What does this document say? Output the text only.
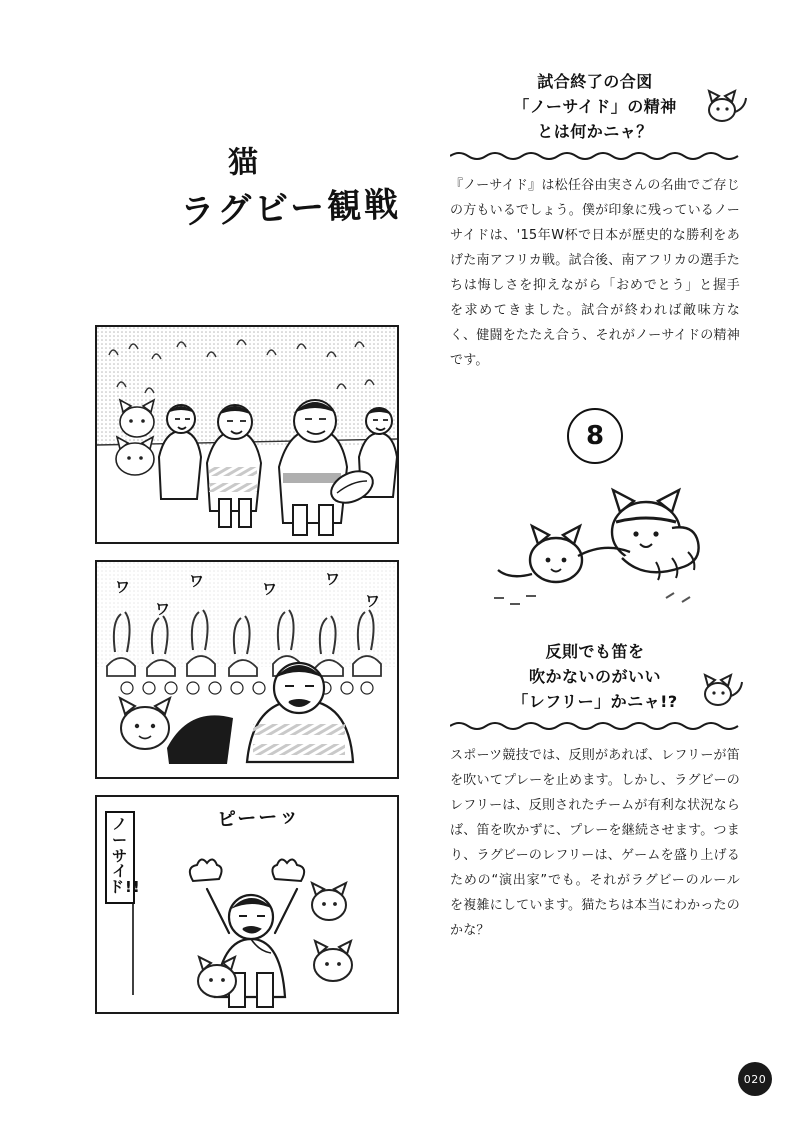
猫
ラグビー観戦
ワ	ワ	ワ
ワ
ワ
ワ
ノーサイド!!
ピーーッ
試合終了の合図
「ノーサイド」の精神
とは何かニャ？

『ノーサイド』は松任谷由実さんの名曲でご存じの方もいるでしょう。僕が印象に残っているノーサイドは、'15年W杯で日本が歴史的な勝利をあげた南アフリカ戦。試合後、南アフリカの選手たちは悔しさを抑えながら「おめでとう」と握手を求めてきました。試合が終われば敵味方なく、健闘をたたえ合う、それがノーサイドの精神です。

8
反則でも笛を
吹かないのがいい
「レフリー」かニャ!?

スポーツ競技では、反則があれば、レフリーが笛を吹いてプレーを止めます。しかし、ラグビーのレフリーは、反則されたチームが有利な状況ならば、笛を吹かずに、プレーを継続させます。つまり、ラグビーのレフリーは、ゲームを盛り上げるための“演出家”でも。それがラグビーのルールを複雑にしています。猫たちは本当にわかったのかな？

020
